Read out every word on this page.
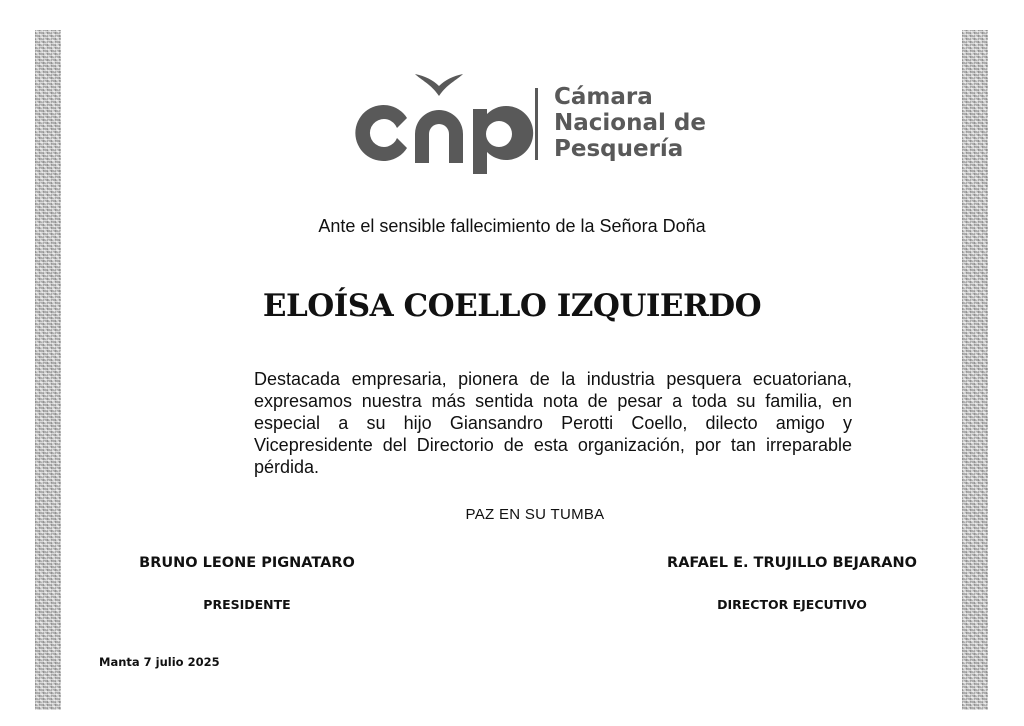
Cámara
Nacional de
Pesquería
Ante el sensible fallecimiento de la Señora Doña
ELOÍSA COELLO IZQUIERDO
Destacada empresaria, pionera de la industria pesquera ecuatoriana, expresamos nuestra más sentida nota de pesar a toda su familia, en especial a su hijo Giansandro Perotti Coello, dilecto amigo y Vicepresidente del Directorio de esta organización, por tan irreparable pérdida.
PAZ EN SU TUMBA
BRUNO LEONE PIGNATARO
PRESIDENTE
RAFAEL E. TRUJILLO BEJARANO
DIRECTOR EJECUTIVO
Manta 7 julio 2025
